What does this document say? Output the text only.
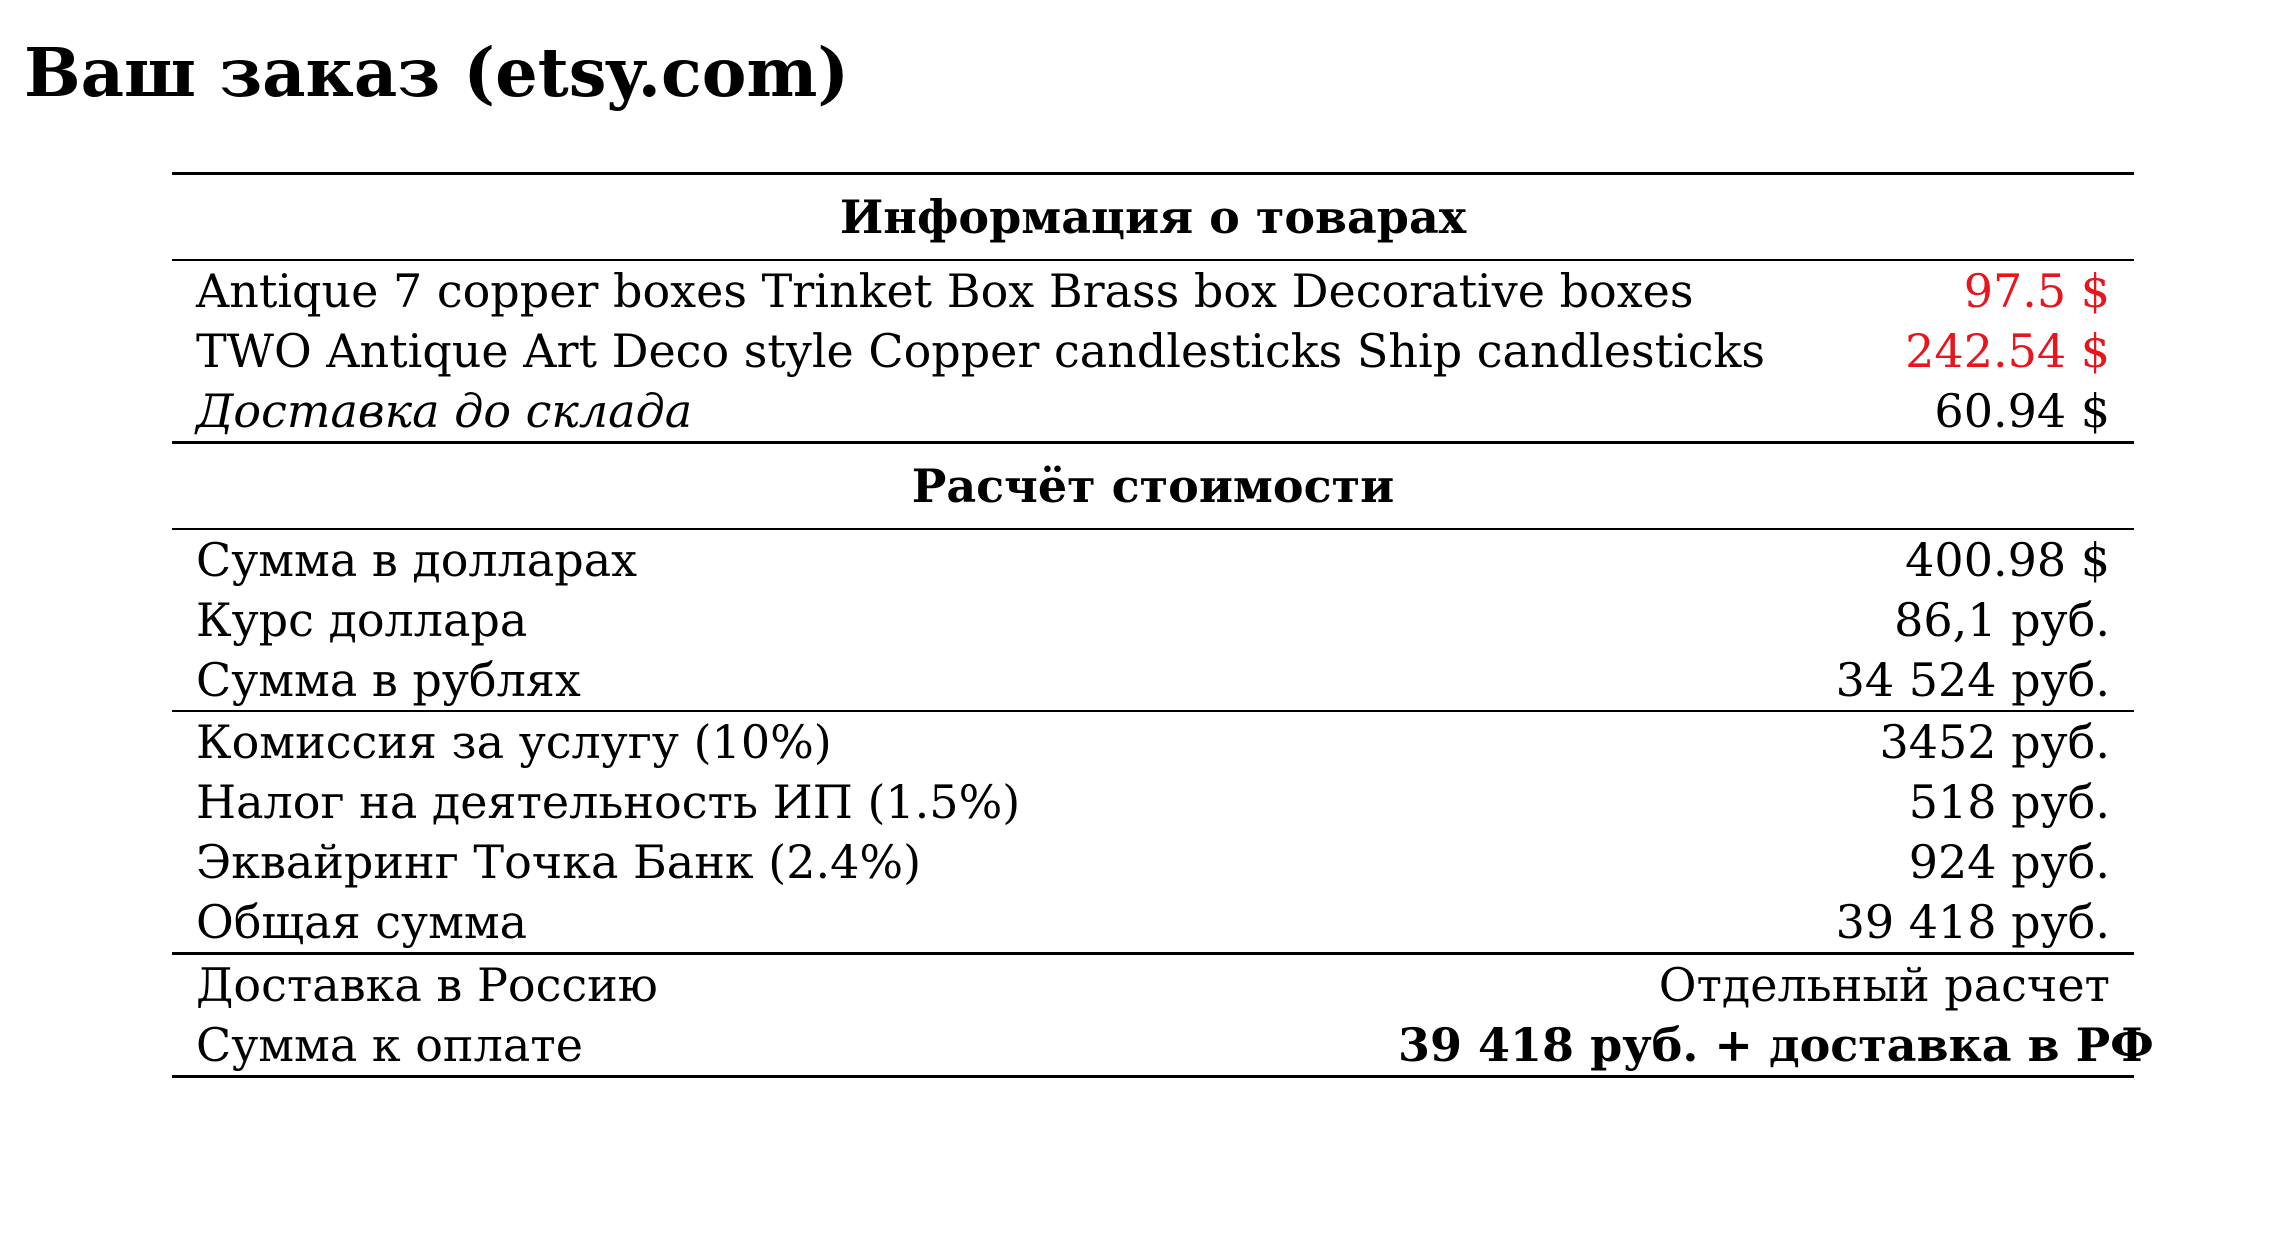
Ваш заказ (etsy.com)
Информация о товарах	
Antique 7 copper boxes Trinket Box Brass box Decorative boxes	97.5 $
TWO Antique Art Deco style Copper candlesticks Ship candlesticks	242.54 $
Доставка до склада	60.94 $
Расчёт стоимости	
Сумма в долларах	400.98 $
Курс доллара	86,1 руб.
Сумма в рублях	34 524 руб.
Комиссия за услугу (10%)	3452 руб.
Налог на деятельность ИП (1.5%)	518 руб.
Эквайринг Точка Банк (2.4%)	924 руб.
Общая сумма	39 418 руб.
Доставка в Россию	Отдельный расчет
Сумма к оплате	39 418 руб. + доставка в РФ
